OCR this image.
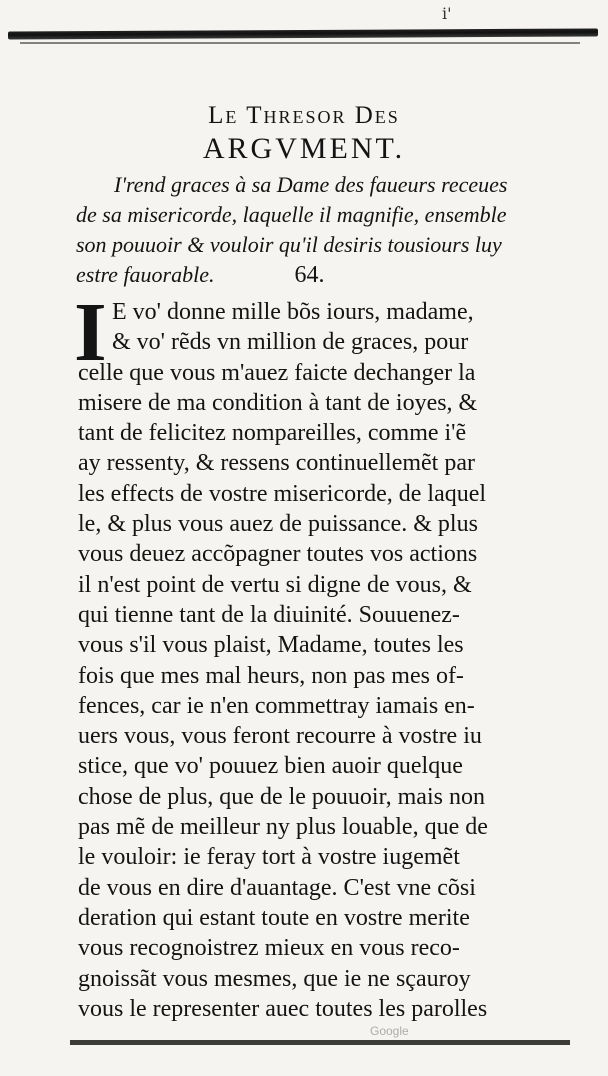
i'
Le Thresor Des
ARGVMENT.
I'rend graces à sa Dame des faueurs receues
de sa misericorde, laquelle il magnifie, ensemble
son pouuoir & vouloir qu'il desiris tousiours luy
estre fauorable.	64.
I E vo' donne mille bõs iours, madame,
& vo' rẽds vn million de graces, pour
celle que vous m'auez faicte dechanger la
misere de ma condition à tant de ioyes, &
tant de felicitez nompareilles, comme i'ẽ
ay ressenty, & ressens continuellemẽt par
les effects de vostre misericorde, de laquel
le, & plus vous auez de puissance. & plus
vous deuez accõpagner toutes vos actions
il n'est point de vertu si digne de vous, &
qui tienne tant de la diuinité. Souuenez-
vous s'il vous plaist, Madame, toutes les
fois que mes mal heurs, non pas mes of-
fences, car ie n'en commettray iamais en-
uers vous, vous feront recourre à vostre iu
stice, que vo' pouuez bien auoir quelque
chose de plus, que de le pouuoir, mais non
pas mẽ de meilleur ny plus louable, que de
le vouloir: ie feray tort à vostre iugemẽt
de vous en dire d'auantage. C'est vne cõsi
deration qui estant toute en vostre merite
vous recognoistrez mieux en vous reco-
gnoissãt vous mesmes, que ie ne sçauroy
vous le representer auec toutes les parolles
Google
